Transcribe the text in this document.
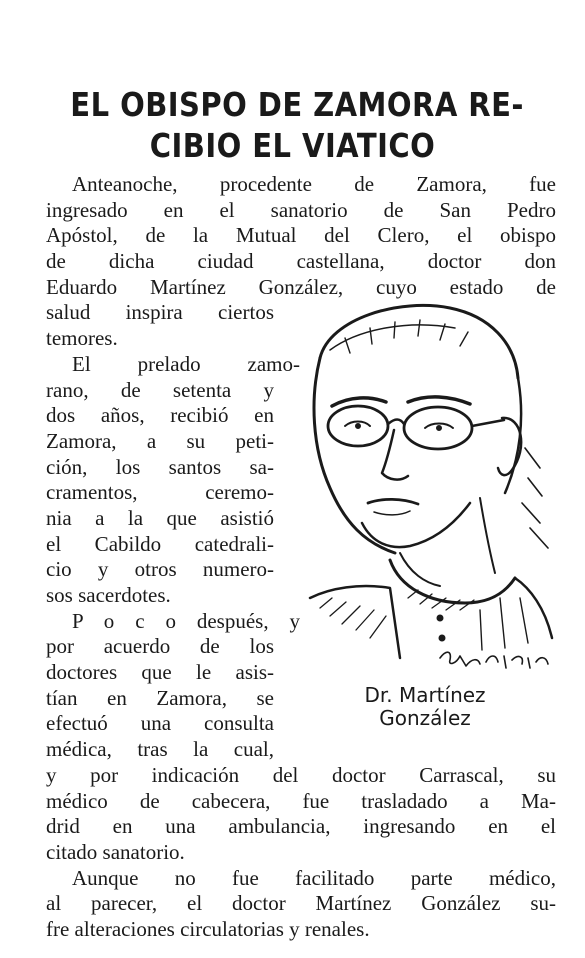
EL OBISPO DE ZAMORA RE-
CIBIO EL VIATICO
Anteanoche, procedente de Zamora, fue
ingresado en el sanatorio de San Pedro
Apóstol, de la Mutual del Clero, el obispo
de dicha ciudad castellana, doctor don
Eduardo Martínez González, cuyo estado de
salud inspira ciertos
temores.
El prelado zamo-
rano, de setenta y
dos años, recibió en
Zamora, a su peti-
ción, los santos sa-
cramentos, ceremo-
nia a la que asistió
el Cabildo catedrali-
cio y otros numero-
sos sacerdotes.
P o c o después, y
por acuerdo de los
doctores que le asis-
tían en Zamora, se
efectuó una consulta
médica, tras la cual,
y por indicación del doctor Carrascal, su
médico de cabecera, fue trasladado a Ma-
drid en una ambulancia, ingresando en el
citado sanatorio.
Aunque no fue facilitado parte médico,
al parecer, el doctor Martínez González su-
fre alteraciones circulatorias y renales.
Dr. Martínez
González
